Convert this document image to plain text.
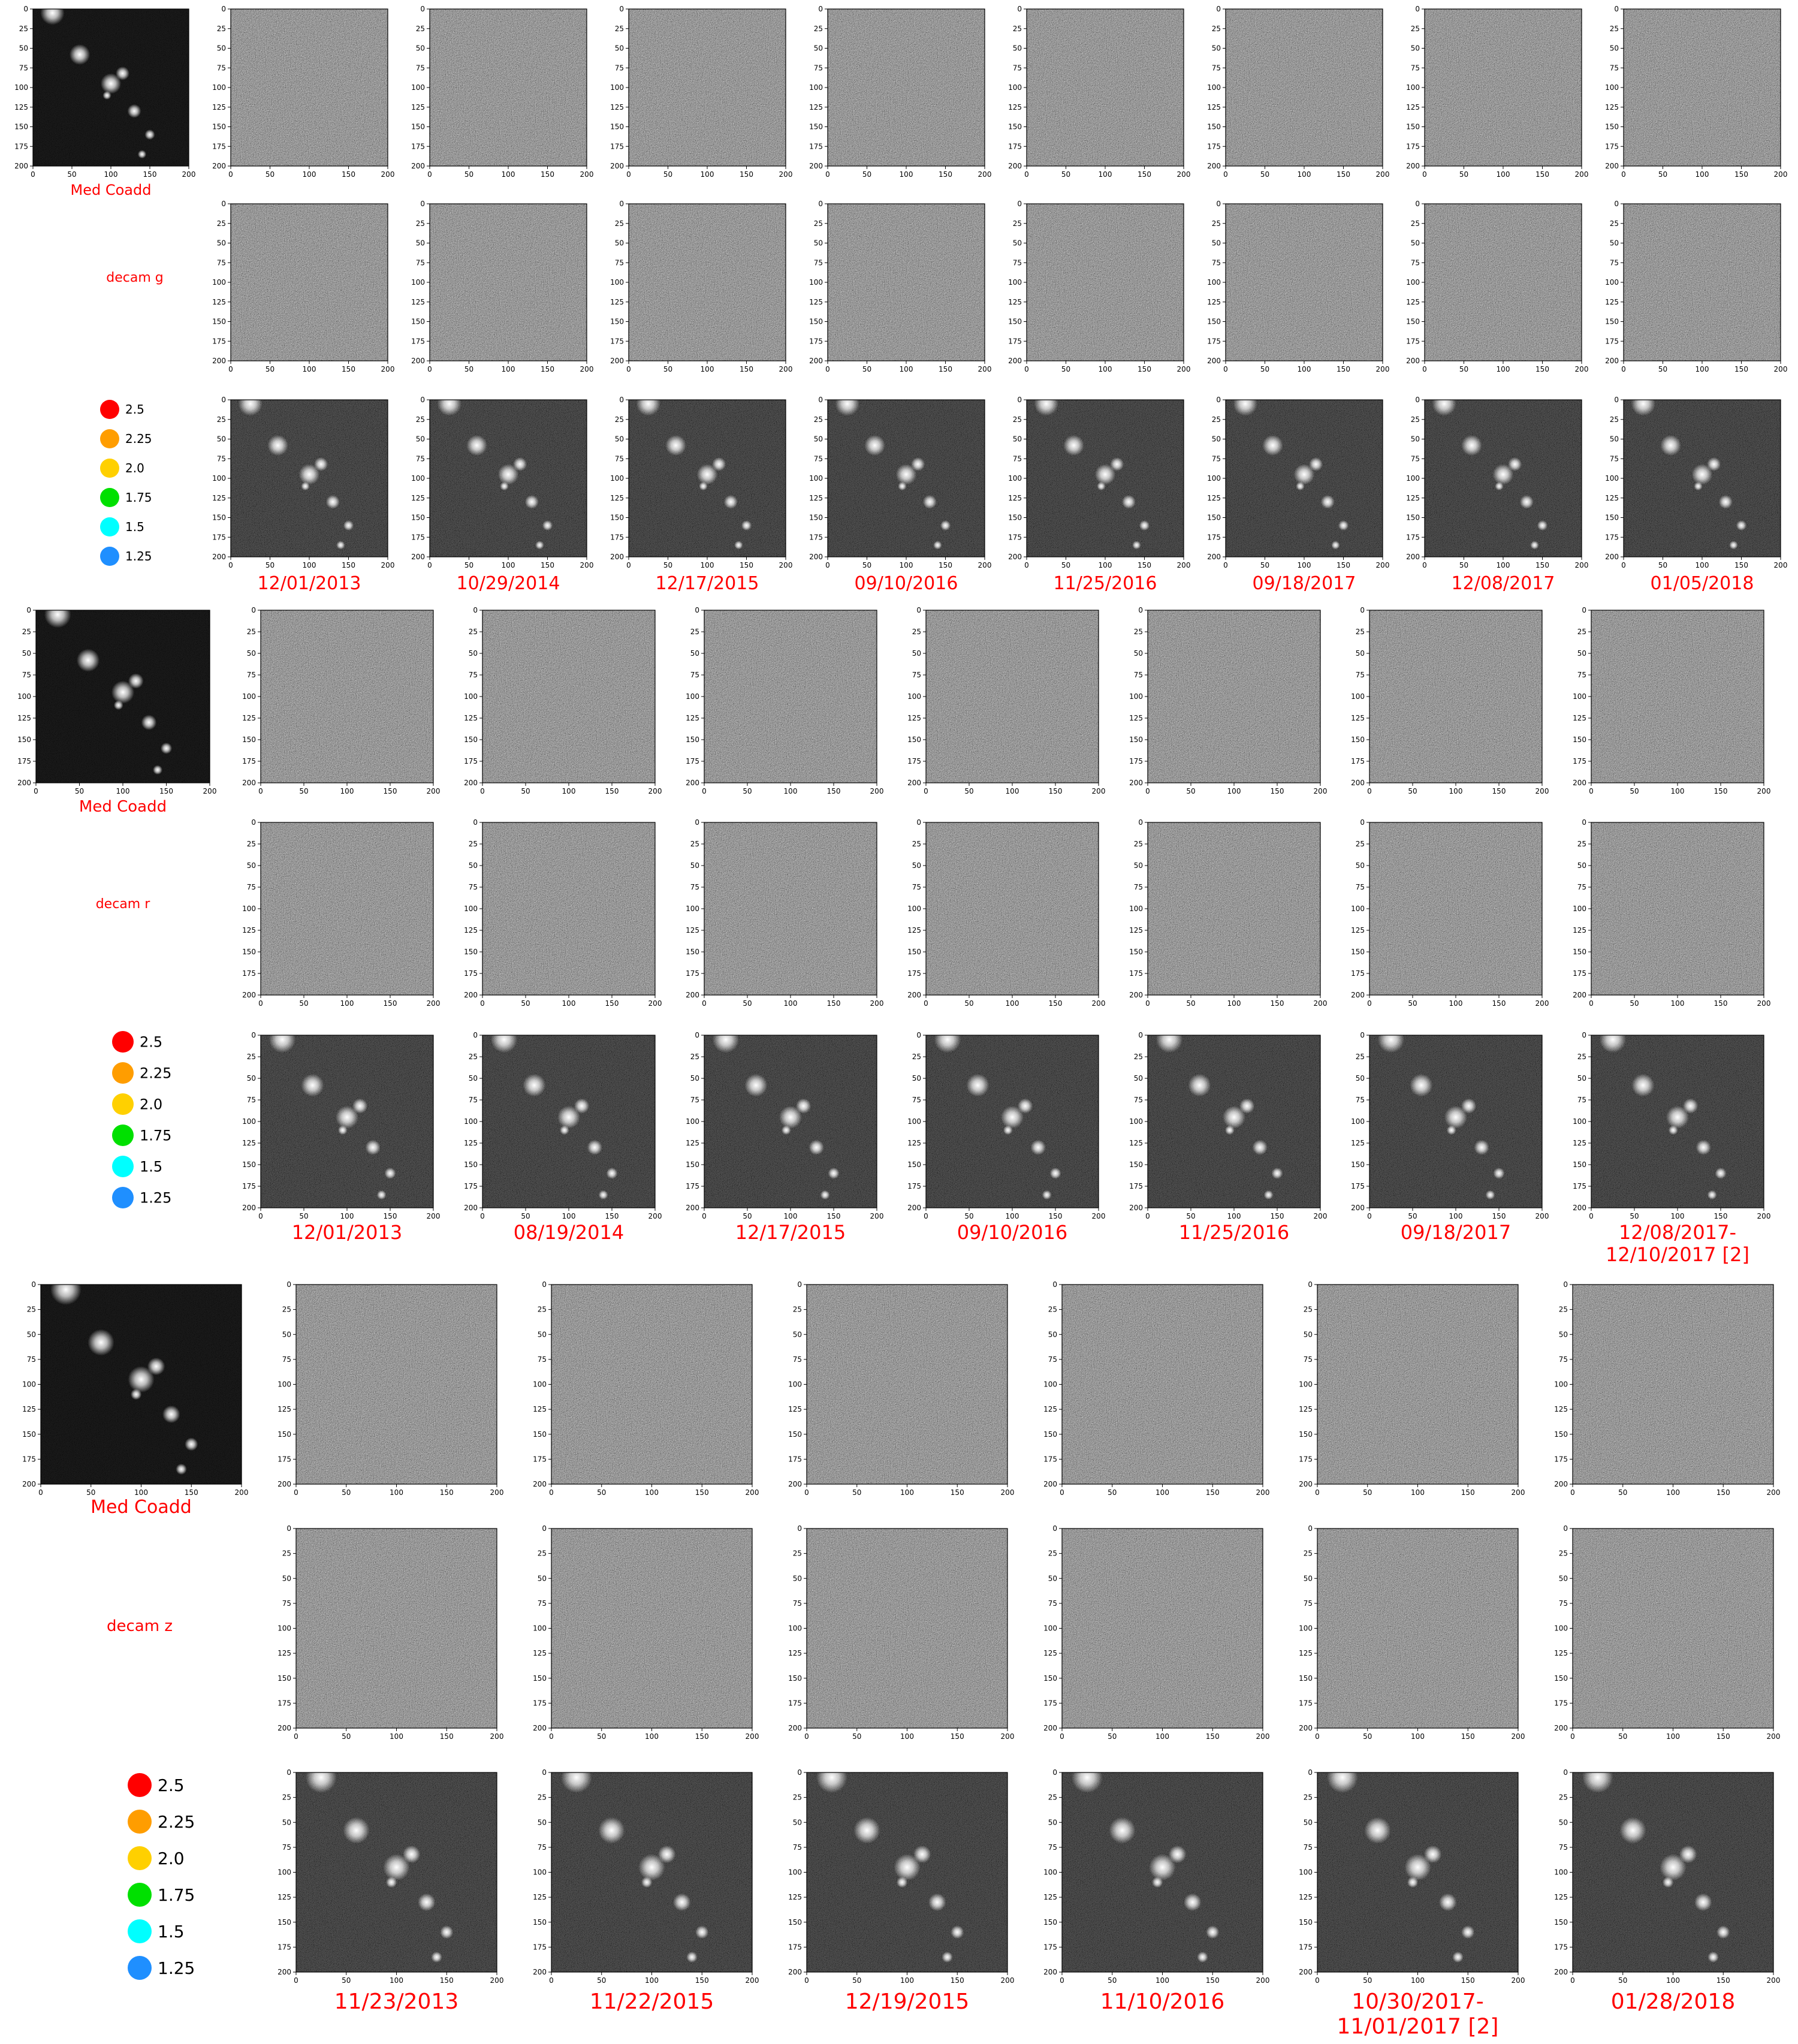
0
25
50
75
100
125
150
175
200
0	50	100	150	200
Med Coadd
decam g
2.5
2.25
2.0
1.75
1.5
1.25
0
25
50
75
100
125
150
175
200
0	50	100	150	200
0
25
50
75
100
125
150
175
200
0	50	100	150	200
0
25
50
75
100
125
150
175
200
0	50	100	150	200
12/01/2013
0
25
50
75
100
125
150
175
200
0	50	100	150	200
0
25
50
75
100
125
150
175
200
0	50	100	150	200
0
25
50
75
100
125
150
175
200
0	50	100	150	200
10/29/2014
0
25
50
75
100
125
150
175
200
0	50	100	150	200
0
25
50
75
100
125
150
175
200
0	50	100	150	200
0
25
50
75
100
125
150
175
200
0	50	100	150	200
12/17/2015
0
25
50
75
100
125
150
175
200
0	50	100	150	200
0
25
50
75
100
125
150
175
200
0	50	100	150	200
0
25
50
75
100
125
150
175
200
0	50	100	150	200
09/10/2016
0
25
50
75
100
125
150
175
200
0	50	100	150	200
0
25
50
75
100
125
150
175
200
0	50	100	150	200
0
25
50
75
100
125
150
175
200
0	50	100	150	200
11/25/2016
0
25
50
75
100
125
150
175
200
0	50	100	150	200
0
25
50
75
100
125
150
175
200
0	50	100	150	200
0
25
50
75
100
125
150
175
200
0	50	100	150	200
09/18/2017
0
25
50
75
100
125
150
175
200
0	50	100	150	200
0
25
50
75
100
125
150
175
200
0	50	100	150	200
0
25
50
75
100
125
150
175
200
0	50	100	150	200
12/08/2017
0
25
50
75
100
125
150
175
200
0	50	100	150	200
0
25
50
75
100
125
150
175
200
0	50	100	150	200
0
25
50
75
100
125
150
175
200
0	50	100	150	200
01/05/2018
0
25
50
75
100
125
150
175
200
0	50	100	150	200
Med Coadd
decam r
2.5
2.25
2.0
1.75
1.5
1.25
0
25
50
75
100
125
150
175
200
0	50	100	150	200
0
25
50
75
100
125
150
175
200
0	50	100	150	200
0
25
50
75
100
125
150
175
200
0	50	100	150	200
12/01/2013
0
25
50
75
100
125
150
175
200
0	50	100	150	200
0
25
50
75
100
125
150
175
200
0	50	100	150	200
0
25
50
75
100
125
150
175
200
0	50	100	150	200
08/19/2014
0
25
50
75
100
125
150
175
200
0	50	100	150	200
0
25
50
75
100
125
150
175
200
0	50	100	150	200
0
25
50
75
100
125
150
175
200
0	50	100	150	200
12/17/2015
0
25
50
75
100
125
150
175
200
0	50	100	150	200
0
25
50
75
100
125
150
175
200
0	50	100	150	200
0
25
50
75
100
125
150
175
200
0	50	100	150	200
09/10/2016
0
25
50
75
100
125
150
175
200
0	50	100	150	200
0
25
50
75
100
125
150
175
200
0	50	100	150	200
0
25
50
75
100
125
150
175
200
0	50	100	150	200
11/25/2016
0
25
50
75
100
125
150
175
200
0	50	100	150	200
0
25
50
75
100
125
150
175
200
0	50	100	150	200
0
25
50
75
100
125
150
175
200
0	50	100	150	200
09/18/2017
0
25
50
75
100
125
150
175
200
0	50	100	150	200
0
25
50
75
100
125
150
175
200
0	50	100	150	200
0
25
50
75
100
125
150
175
200
0	50	100	150	200
12/08/2017-12/10/2017 [2]
0
25
50
75
100
125
150
175
200
0	50	100	150	200
Med Coadd
decam z
2.5
2.25
2.0
1.75
1.5
1.25
0
25
50
75
100
125
150
175
200
0	50	100	150	200
0
25
50
75
100
125
150
175
200
0	50	100	150	200
0
25
50
75
100
125
150
175
200
0	50	100	150	200
11/23/2013
0
25
50
75
100
125
150
175
200
0	50	100	150	200
0
25
50
75
100
125
150
175
200
0	50	100	150	200
0
25
50
75
100
125
150
175
200
0	50	100	150	200
11/22/2015
0
25
50
75
100
125
150
175
200
0	50	100	150	200
0
25
50
75
100
125
150
175
200
0	50	100	150	200
0
25
50
75
100
125
150
175
200
0	50	100	150	200
12/19/2015
0
25
50
75
100
125
150
175
200
0	50	100	150	200
0
25
50
75
100
125
150
175
200
0	50	100	150	200
0
25
50
75
100
125
150
175
200
0	50	100	150	200
11/10/2016
0
25
50
75
100
125
150
175
200
0	50	100	150	200
0
25
50
75
100
125
150
175
200
0	50	100	150	200
0
25
50
75
100
125
150
175
200
0	50	100	150	200
10/30/2017-11/01/2017 [2]
0
25
50
75
100
125
150
175
200
0	50	100	150	200
0
25
50
75
100
125
150
175
200
0	50	100	150	200
0
25
50
75
100
125
150
175
200
0	50	100	150	200
01/28/2018
